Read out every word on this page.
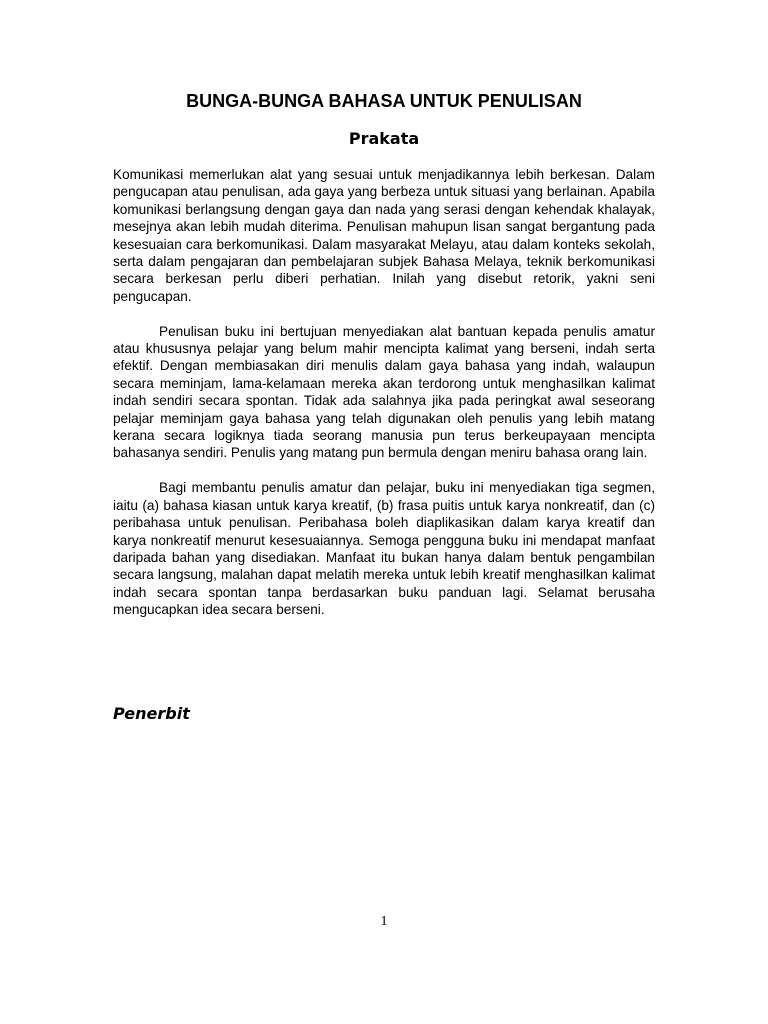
BUNGA-BUNGA BAHASA UNTUK PENULISAN
Prakata

Komunikasi memerlukan alat yang sesuai untuk menjadikannya lebih berkesan. Dalam pengucapan atau penulisan, ada gaya yang berbeza untuk situasi yang berlainan. Apabila komunikasi berlangsung dengan gaya dan nada yang serasi dengan kehendak khalayak, mesejnya akan lebih mudah diterima. Penulisan mahupun lisan sangat bergantung pada kesesuaian cara berkomunikasi. Dalam masyarakat Melayu, atau dalam konteks sekolah, serta dalam pengajaran dan pembelajaran subjek Bahasa Melaya, teknik berkomunikasi secara berkesan perlu diberi perhatian. Inilah yang disebut retorik, yakni seni pengucapan.

Penulisan buku ini bertujuan menyediakan alat bantuan kepada penulis amatur atau khususnya pelajar yang belum mahir mencipta kalimat yang berseni, indah serta efektif. Dengan membiasakan diri menulis dalam gaya bahasa yang indah, walaupun secara meminjam, lama-kelamaan mereka akan terdorong untuk menghasilkan kalimat indah sendiri secara spontan. Tidak ada salahnya jika pada peringkat awal seseorang pelajar meminjam gaya bahasa yang telah digunakan oleh penulis yang lebih matang kerana secara logiknya tiada seorang manusia pun terus berkeupayaan mencipta bahasanya sendiri. Penulis yang matang pun bermula dengan meniru bahasa orang lain.

Bagi membantu penulis amatur dan pelajar, buku ini menyediakan tiga segmen, iaitu (a) bahasa kiasan untuk karya kreatif, (b) frasa puitis untuk karya nonkreatif, dan (c) peribahasa untuk penulisan. Peribahasa boleh diaplikasikan dalam karya kreatif dan karya nonkreatif menurut kesesuaiannya. Semoga pengguna buku ini mendapat manfaat daripada bahan yang disediakan. Manfaat itu bukan hanya dalam bentuk pengambilan secara langsung, malahan dapat melatih mereka untuk lebih kreatif menghasilkan kalimat indah secara spontan tanpa berdasarkan buku panduan lagi. Selamat berusaha mengucapkan idea secara berseni.

Penerbit

1
